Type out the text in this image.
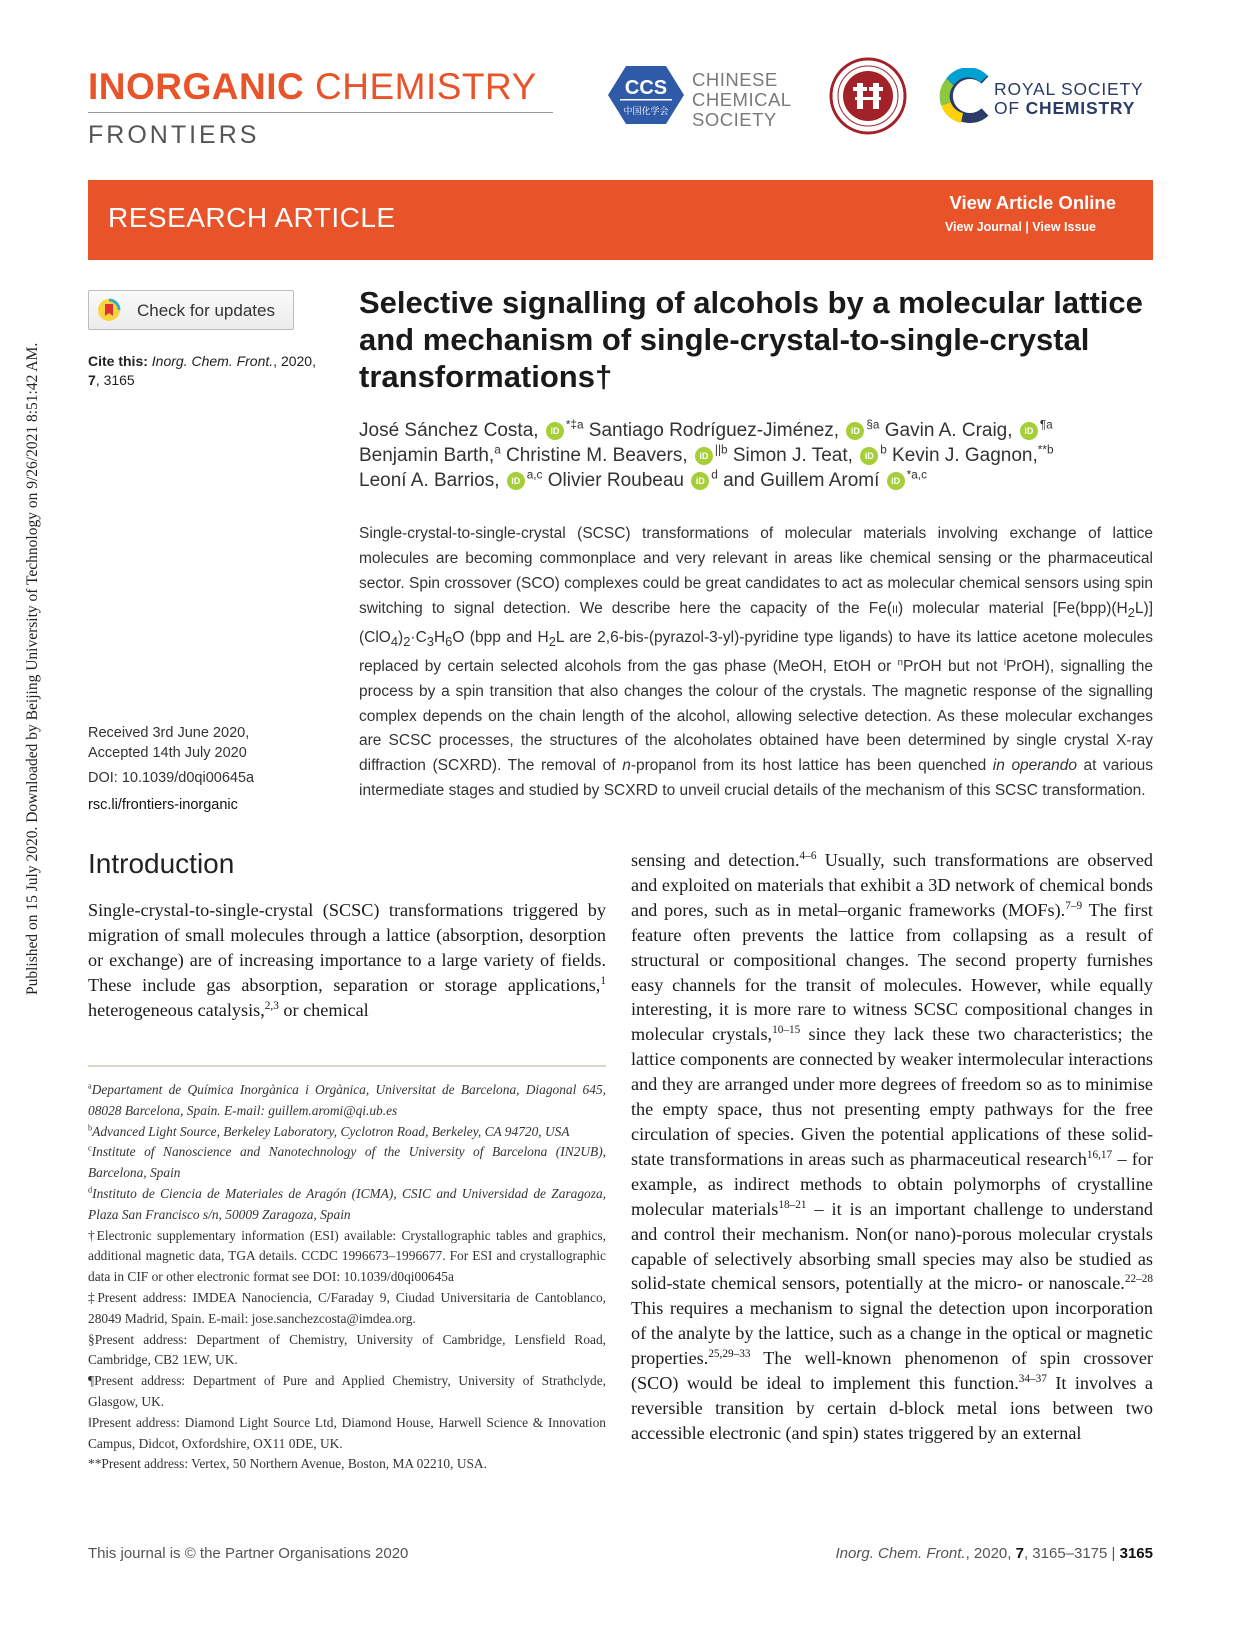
Published on 15 July 2020. Downloaded by Beijing University of Technology on 9/26/2021 8:51:42 AM.
INORGANIC CHEMISTRY
FRONTIERS
CCS
中国化学会
CHINESE
CHEMICAL
SOCIETY
ROYAL SOCIETY
OF CHEMISTRY
RESEARCH ARTICLE	View Article Online
View Journal | View Issue
Check for updates
Cite this: Inorg. Chem. Front., 2020,
7, 3165
Received 3rd June 2020,
Accepted 14th July 2020
DOI: 10.1039/d0qi00645a
rsc.li/frontiers-inorganic
Selective signalling of alcohols by a molecular lattice and mechanism of single-crystal-to-single-crystal transformations†
José Sánchez Costa, iD $^{*\ddagger a}$ Santiago Rodríguez-Jiménez, iD $^{\S a}$ Gavin A. Craig, iD $^{\P a}$
Benjamin Barth,$^a$ Christine M. Beavers, iD $^{||b}$ Simon J. Teat, iD $^b$ Kevin J. Gagnon,$^{**b}$
Leoní A. Barrios, iD $^{a,c}$ Olivier Roubeau iD $^d$ and Guillem Aromí iD $^{*a,c}$
Single-crystal-to-single-crystal (SCSC) transformations of molecular materials involving exchange of lattice molecules are becoming commonplace and very relevant in areas like chemical sensing or the pharmaceutical sector. Spin crossover (SCO) complexes could be great candidates to act as molecular chemical sensors using spin switching to signal detection. We describe here the capacity of the Fe(II) molecular material $[Fe(bpp)(H_2L)](ClO_4)_2\cdot C_3H_6O$ (bpp and $H_2L$ are 2,6-bis-(pyrazol-3-yl)-pyridine type ligands) to have its lattice acetone molecules replaced by certain selected alcohols from the gas phase (MeOH, EtOH or $^n$PrOH but not $^i$PrOH), signalling the process by a spin transition that also changes the colour of the crystals. The magnetic response of the signalling complex depends on the chain length of the alcohol, allowing selective detection. As these molecular exchanges are SCSC processes, the structures of the alcoholates obtained have been determined by single crystal X-ray diffraction (SCXRD). The removal of n-propanol from its host lattice has been quenched in operando at various intermediate stages and studied by SCXRD to unveil crucial details of the mechanism of this SCSC transformation.
Introduction
Single-crystal-to-single-crystal (SCSC) transformations triggered by migration of small molecules through a lattice (absorption, desorption or exchange) are of increasing importance to a large variety of fields. These include gas absorption, separation or storage applications,$^1$ heterogeneous catalysis,$^{2,3}$ or chemical
sensing and detection.$^{4-6}$ Usually, such transformations are observed and exploited on materials that exhibit a 3D network of chemical bonds and pores, such as in metal–organic frameworks (MOFs).$^{7-9}$ The first feature often prevents the lattice from collapsing as a result of structural or compositional changes. The second property furnishes easy channels for the transit of molecules. However, while equally interesting, it is more rare to witness SCSC compositional changes in molecular crystals,$^{10-15}$ since they lack these two characteristics; the lattice components are connected by weaker intermolecular interactions and they are arranged under more degrees of freedom so as to minimise the empty space, thus not presenting empty pathways for the free circulation of species. Given the potential applications of these solid-state transformations in areas such as pharmaceutical research$^{16,17}$ – for example, as indirect methods to obtain polymorphs of crystalline molecular materials$^{18-21}$ – it is an important challenge to understand and control their mechanism. Non(or nano)-porous molecular crystals capable of selectively absorbing small species may also be studied as solid-state chemical sensors, potentially at the micro- or nanoscale.$^{22-28}$ This requires a mechanism to signal the detection upon incorporation of the analyte by the lattice, such as a change in the optical or magnetic properties.$^{25,29-33}$ The well-known phenomenon of spin crossover (SCO) would be ideal to implement this function.$^{34-37}$ It involves a reversible transition by certain d-block metal ions between two accessible electronic (and spin) states triggered by an external

$^a$Departament de Química Inorgànica i Orgànica, Universitat de Barcelona, Diagonal 645, 08028 Barcelona, Spain. E-mail: guillem.aromi@qi.ub.es

$^b$Advanced Light Source, Berkeley Laboratory, Cyclotron Road, Berkeley, CA 94720, USA

$^c$Institute of Nanoscience and Nanotechnology of the University of Barcelona (IN2UB), Barcelona, Spain

$^d$Instituto de Ciencia de Materiales de Aragón (ICMA), CSIC and Universidad de Zaragoza, Plaza San Francisco s/n, 50009 Zaragoza, Spain

†Electronic supplementary information (ESI) available: Crystallographic tables and graphics, additional magnetic data, TGA details. CCDC 1996673–1996677. For ESI and crystallographic data in CIF or other electronic format see DOI: 10.1039/d0qi00645a

‡Present address: IMDEA Nanociencia, C/Faraday 9, Ciudad Universitaria de Cantoblanco, 28049 Madrid, Spain. E-mail: jose.sanchezcosta@imdea.org.

§Present address: Department of Chemistry, University of Cambridge, Lensfield Road, Cambridge, CB2 1EW, UK.

¶Present address: Department of Pure and Applied Chemistry, University of Strathclyde, Glasgow, UK.

‖Present address: Diamond Light Source Ltd, Diamond House, Harwell Science & Innovation Campus, Didcot, Oxfordshire, OX11 0DE, UK.

**Present address: Vertex, 50 Northern Avenue, Boston, MA 02210, USA.

This journal is © the Partner Organisations 2020	Inorg. Chem. Front., 2020, 7, 3165–3175 | 3165
